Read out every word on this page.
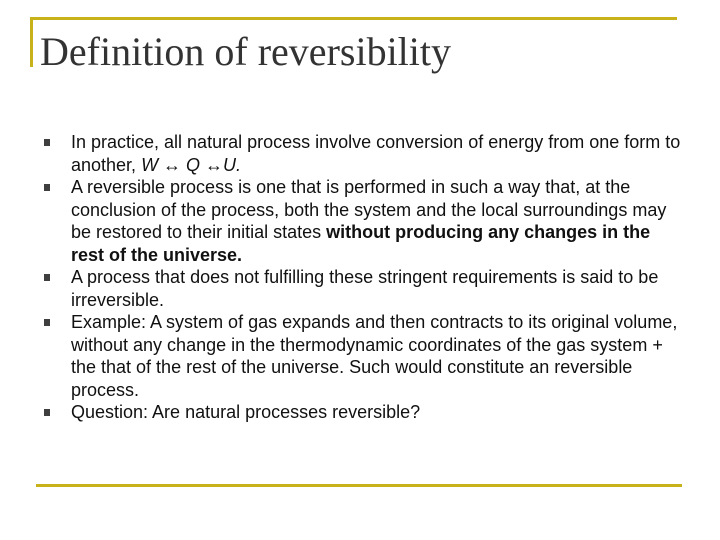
Definition of reversibility
In practice, all natural process involve conversion of energy from one form to another, W ↔ Q ↔U.
A reversible process is one that is performed in such a way that, at the conclusion of the process, both the system and the local surroundings may be restored to their initial states without producing any changes in the rest of the universe.
A process that does not fulfilling these stringent requirements is said to be irreversible.
Example: A system of gas expands and then contracts to its original volume, without any change in the thermodynamic coordinates of the gas system + the that of the rest of the universe. Such would constitute an reversible process.
Question: Are natural processes reversible?
